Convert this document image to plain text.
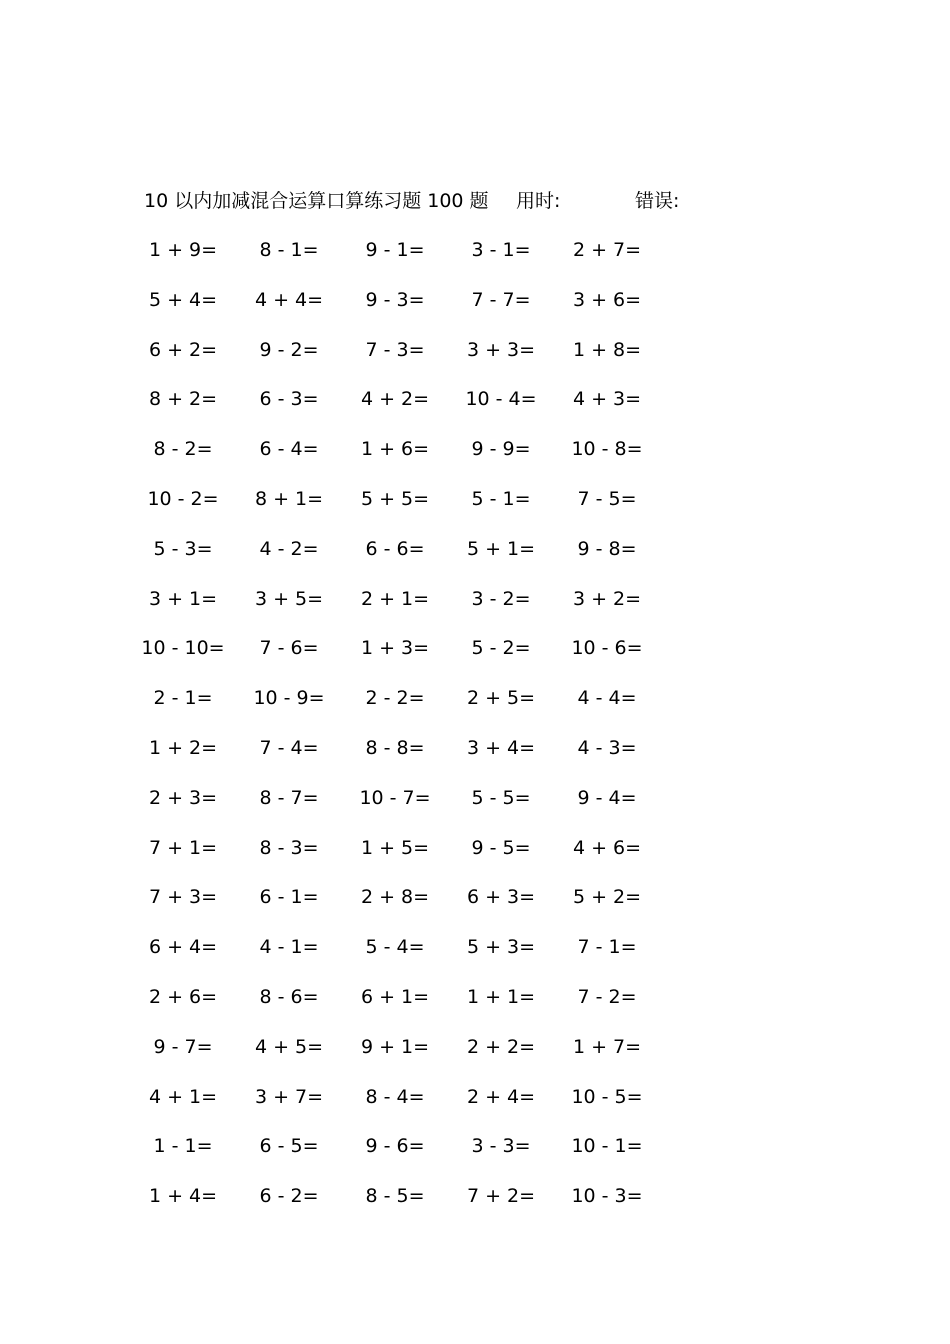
10 以内加减混合运算口算练习题 100 题 用时:	错误:
1 + 9=	8 - 1=	9 - 1=	3 - 1=	2 + 7=
5 + 4=	4 + 4=	9 - 3=	7 - 7=	3 + 6=
6 + 2=	9 - 2=	7 - 3=	3 + 3=	1 + 8=
8 + 2=	6 - 3=	4 + 2=	10 - 4=	4 + 3=
8 - 2=	6 - 4=	1 + 6=	9 - 9=	10 - 8=
10 - 2=	8 + 1=	5 + 5=	5 - 1=	7 - 5=
5 - 3=	4 - 2=	6 - 6=	5 + 1=	9 - 8=
3 + 1=	3 + 5=	2 + 1=	3 - 2=	3 + 2=
10 - 10=	7 - 6=	1 + 3=	5 - 2=	10 - 6=
2 - 1=	10 - 9=	2 - 2=	2 + 5=	4 - 4=
1 + 2=	7 - 4=	8 - 8=	3 + 4=	4 - 3=
2 + 3=	8 - 7=	10 - 7=	5 - 5=	9 - 4=
7 + 1=	8 - 3=	1 + 5=	9 - 5=	4 + 6=
7 + 3=	6 - 1=	2 + 8=	6 + 3=	5 + 2=
6 + 4=	4 - 1=	5 - 4=	5 + 3=	7 - 1=
2 + 6=	8 - 6=	6 + 1=	1 + 1=	7 - 2=
9 - 7=	4 + 5=	9 + 1=	2 + 2=	1 + 7=
4 + 1=	3 + 7=	8 - 4=	2 + 4=	10 - 5=
1 - 1=	6 - 5=	9 - 6=	3 - 3=	10 - 1=
1 + 4=	6 - 2=	8 - 5=	7 + 2=	10 - 3=
